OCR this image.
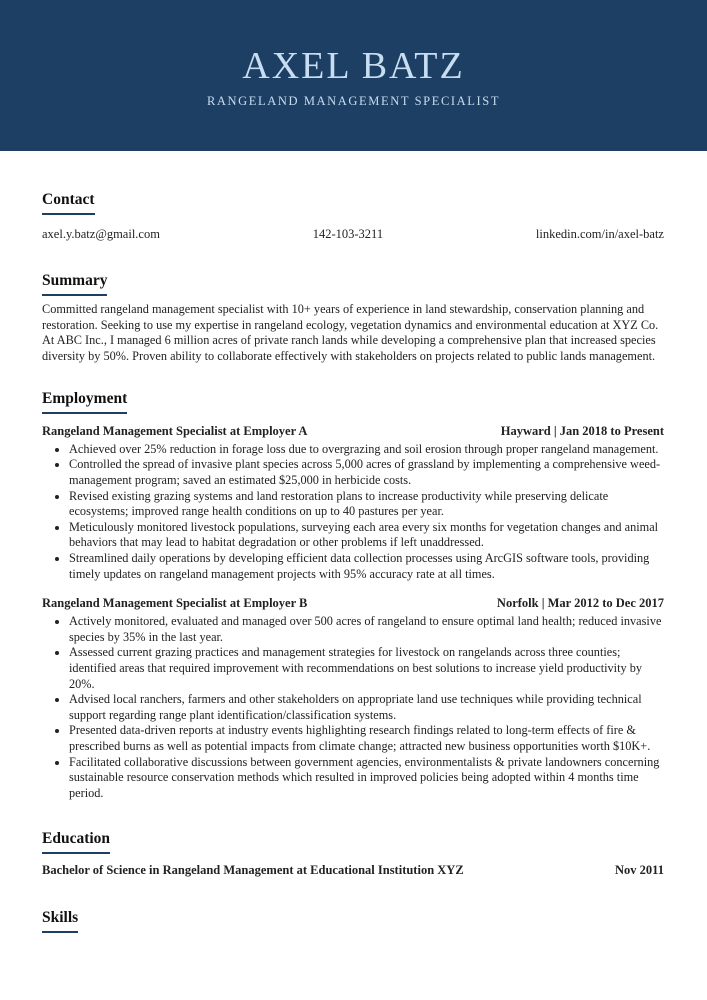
AXEL BATZ
RANGELAND MANAGEMENT SPECIALIST
Contact
axel.y.batz@gmail.com	142-103-3211	linkedin.com/in/axel-batz
Summary

Committed rangeland management specialist with 10+ years of experience in land stewardship, conservation planning and restoration. Seeking to use my expertise in rangeland ecology, vegetation dynamics and environmental education at XYZ Co. At ABC Inc., I managed 6 million acres of private ranch lands while developing a comprehensive plan that increased species diversity by 50%. Proven ability to collaborate effectively with stakeholders on projects related to public lands management.

Employment
Rangeland Management Specialist at Employer A	Hayward | Jan 2018 to Present
• Achieved over 25% reduction in forage loss due to overgrazing and soil erosion through proper rangeland management.
• Controlled the spread of invasive plant species across 5,000 acres of grassland by implementing a comprehensive weed-management program; saved an estimated $25,000 in herbicide costs.
• Revised existing grazing systems and land restoration plans to increase productivity while preserving delicate ecosystems; improved range health conditions on up to 40 pastures per year.
• Meticulously monitored livestock populations, surveying each area every six months for vegetation changes and animal behaviors that may lead to habitat degradation or other problems if left unaddressed.
• Streamlined daily operations by developing efficient data collection processes using ArcGIS software tools, providing timely updates on rangeland management projects with 95% accuracy rate at all times.
Rangeland Management Specialist at Employer B	Norfolk | Mar 2012 to Dec 2017
• Actively monitored, evaluated and managed over 500 acres of rangeland to ensure optimal land health; reduced invasive species by 35% in the last year.
• Assessed current grazing practices and management strategies for livestock on rangelands across three counties; identified areas that required improvement with recommendations on best solutions to increase yield productivity by 20%.
• Advised local ranchers, farmers and other stakeholders on appropriate land use techniques while providing technical support regarding range plant identification/classification systems.
• Presented data-driven reports at industry events highlighting research findings related to long-term effects of fire & prescribed burns as well as potential impacts from climate change; attracted new business opportunities worth $10K+.
• Facilitated collaborative discussions between government agencies, environmentalists & private landowners concerning sustainable resource conservation methods which resulted in improved policies being adopted within 4 months time period.
Education
Bachelor of Science in Rangeland Management at Educational Institution XYZ	Nov 2011
Skills
